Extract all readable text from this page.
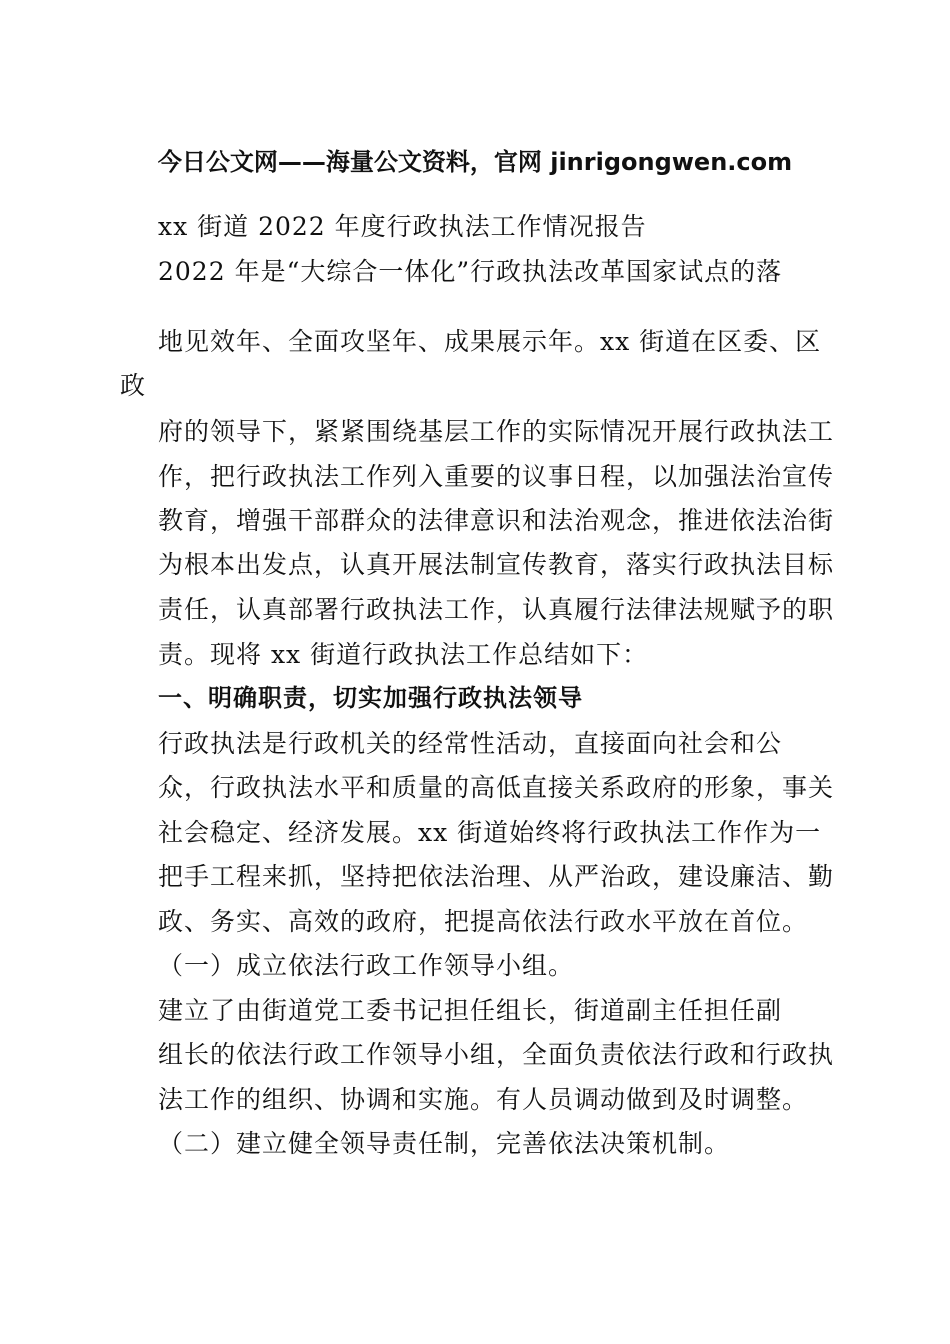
今日公文网——海量公文资料，官网 jinrigongwen.com
xx 街道 2022 年度行政执法工作情况报告
2022 年是“大综合一体化”行政执法改革国家试点的落
地见效年、全面攻坚年、成果展示年。xx 街道在区委、区
政
府的领导下，紧紧围绕基层工作的实际情况开展行政执法工
作，把行政执法工作列入重要的议事日程，以加强法治宣传
教育，增强干部群众的法律意识和法治观念，推进依法治街
为根本出发点，认真开展法制宣传教育，落实行政执法目标
责任，认真部署行政执法工作，认真履行法律法规赋予的职
责。现将 xx 街道行政执法工作总结如下：
一、明确职责，切实加强行政执法领导
行政执法是行政机关的经常性活动，直接面向社会和公
众，行政执法水平和质量的高低直接关系政府的形象，事关
社会稳定、经济发展。xx 街道始终将行政执法工作作为一
把手工程来抓，坚持把依法治理、从严治政，建设廉洁、勤
政、务实、高效的政府，把提高依法行政水平放在首位。
（一）成立依法行政工作领导小组。
建立了由街道党工委书记担任组长，街道副主任担任副
组长的依法行政工作领导小组，全面负责依法行政和行政执
法工作的组织、协调和实施。有人员调动做到及时调整。
（二）建立健全领导责任制，完善依法决策机制。
